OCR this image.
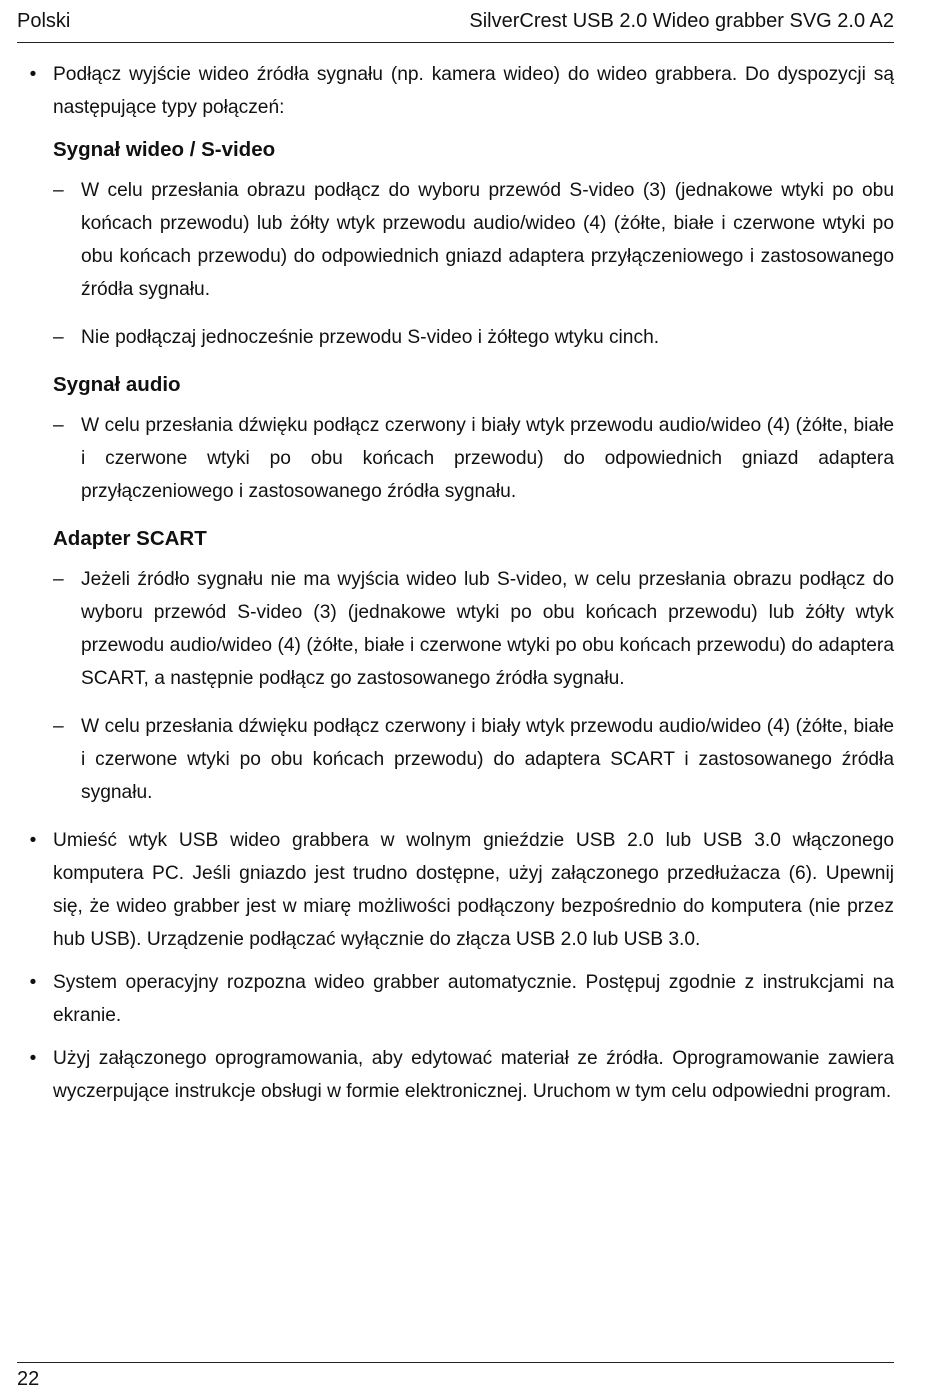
Polski	SilverCrest USB 2.0 Wideo grabber SVG 2.0 A2
• Podłącz wyjście wideo źródła sygnału (np. kamera wideo) do wideo grabbera. Do dyspozycji są następujące typy połączeń:
Sygnał wideo / S-video
– W celu przesłania obrazu podłącz do wyboru przewód S-video (3) (jednakowe wtyki po obu końcach przewodu) lub żółty wtyk przewodu audio/wideo (4) (żółte, białe i czerwone wtyki po obu końcach przewodu) do odpowiednich gniazd adaptera przyłączeniowego i zastosowanego źródła sygnału.
– Nie podłączaj jednocześnie przewodu S-video i żółtego wtyku cinch.
Sygnał audio
– W celu przesłania dźwięku podłącz czerwony i biały wtyk przewodu audio/wideo (4) (żółte, białe i czerwone wtyki po obu końcach przewodu) do odpowiednich gniazd adaptera przyłączeniowego i zastosowanego źródła sygnału.
Adapter SCART
– Jeżeli źródło sygnału nie ma wyjścia wideo lub S-video, w celu przesłania obrazu podłącz do wyboru przewód S-video (3) (jednakowe wtyki po obu końcach przewodu) lub żółty wtyk przewodu audio/wideo (4) (żółte, białe i czerwone wtyki po obu końcach przewodu) do adaptera SCART, a następnie podłącz go zastosowanego źródła sygnału.
– W celu przesłania dźwięku podłącz czerwony i biały wtyk przewodu audio/wideo (4) (żółte, białe i czerwone wtyki po obu końcach przewodu) do adaptera SCART i zastosowanego źródła sygnału.
• Umieść wtyk USB wideo grabbera w wolnym gnieździe USB 2.0 lub USB 3.0 włączonego komputera PC. Jeśli gniazdo jest trudno dostępne, użyj załączonego przedłużacza (6). Upewnij się, że wideo grabber jest w miarę możliwości podłączony bezpośrednio do komputera (nie przez hub USB). Urządzenie podłączać wyłącznie do złącza USB 2.0 lub USB 3.0.
• System operacyjny rozpozna wideo grabber automatycznie. Postępuj zgodnie z instrukcjami na ekranie.
• Użyj załączonego oprogramowania, aby edytować materiał ze źródła. Oprogramowanie zawiera wyczerpujące instrukcje obsługi w formie elektronicznej. Uruchom w tym celu odpowiedni program.
22
